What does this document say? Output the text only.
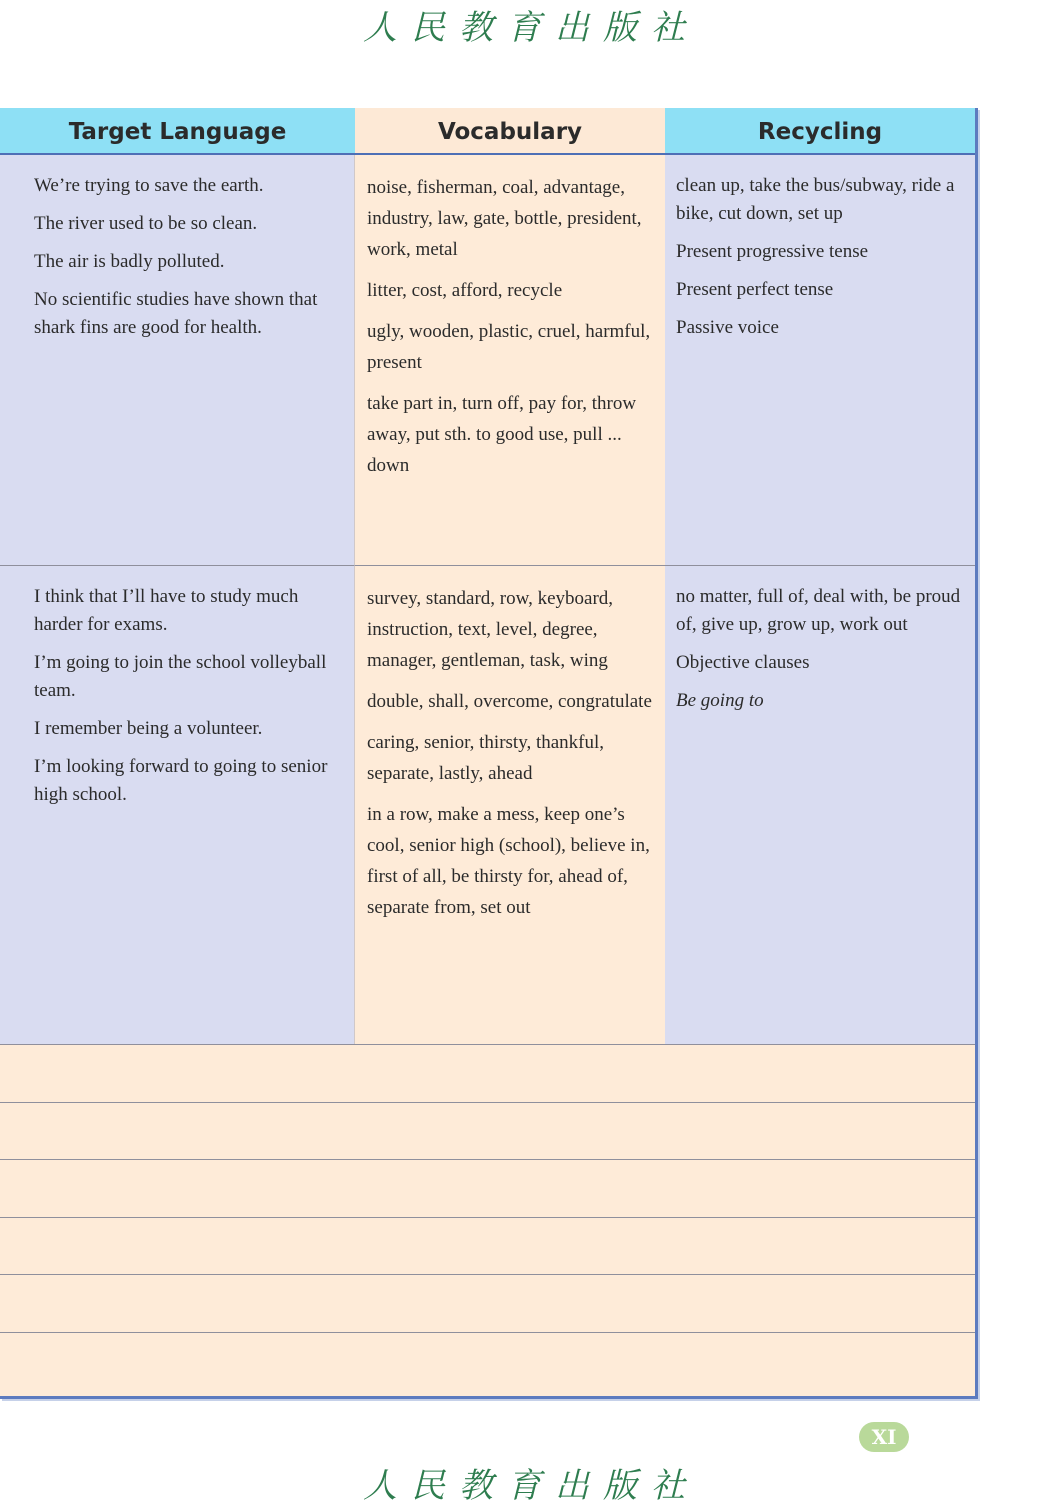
人民教育出版社
Target Language	Vocabulary	Recycling
We’re trying to save the earth.
The river used to be so clean.
The air is badly polluted.
No scientific studies have shown that shark fins are good for health.
noise, fisherman, coal, advantage, industry, law, gate, bottle, president, work, metal
litter, cost, afford, recycle
ugly, wooden, plastic, cruel, harmful, present
take part in, turn off, pay for, throw away, put sth. to good use, pull ... down
clean up, take the bus/subway, ride a bike, cut down, set up
Present progressive tense
Present perfect tense
Passive voice
I think that I’ll have to study much harder for exams.
I’m going to join the school volleyball team.
I remember being a volunteer.
I’m looking forward to going to senior high school.
survey, standard, row, keyboard, instruction, text, level, degree, manager, gentleman, task, wing
double, shall, overcome, congratulate
caring, senior, thirsty, thankful, separate, lastly, ahead
in a row, make a mess, keep one’s cool, senior high (school), believe in, first of all, be thirsty for, ahead of, separate from, set out
no matter, full of, deal with, be proud of, give up, grow up, work out
Objective clauses
Be going to
XI
人民教育出版社
